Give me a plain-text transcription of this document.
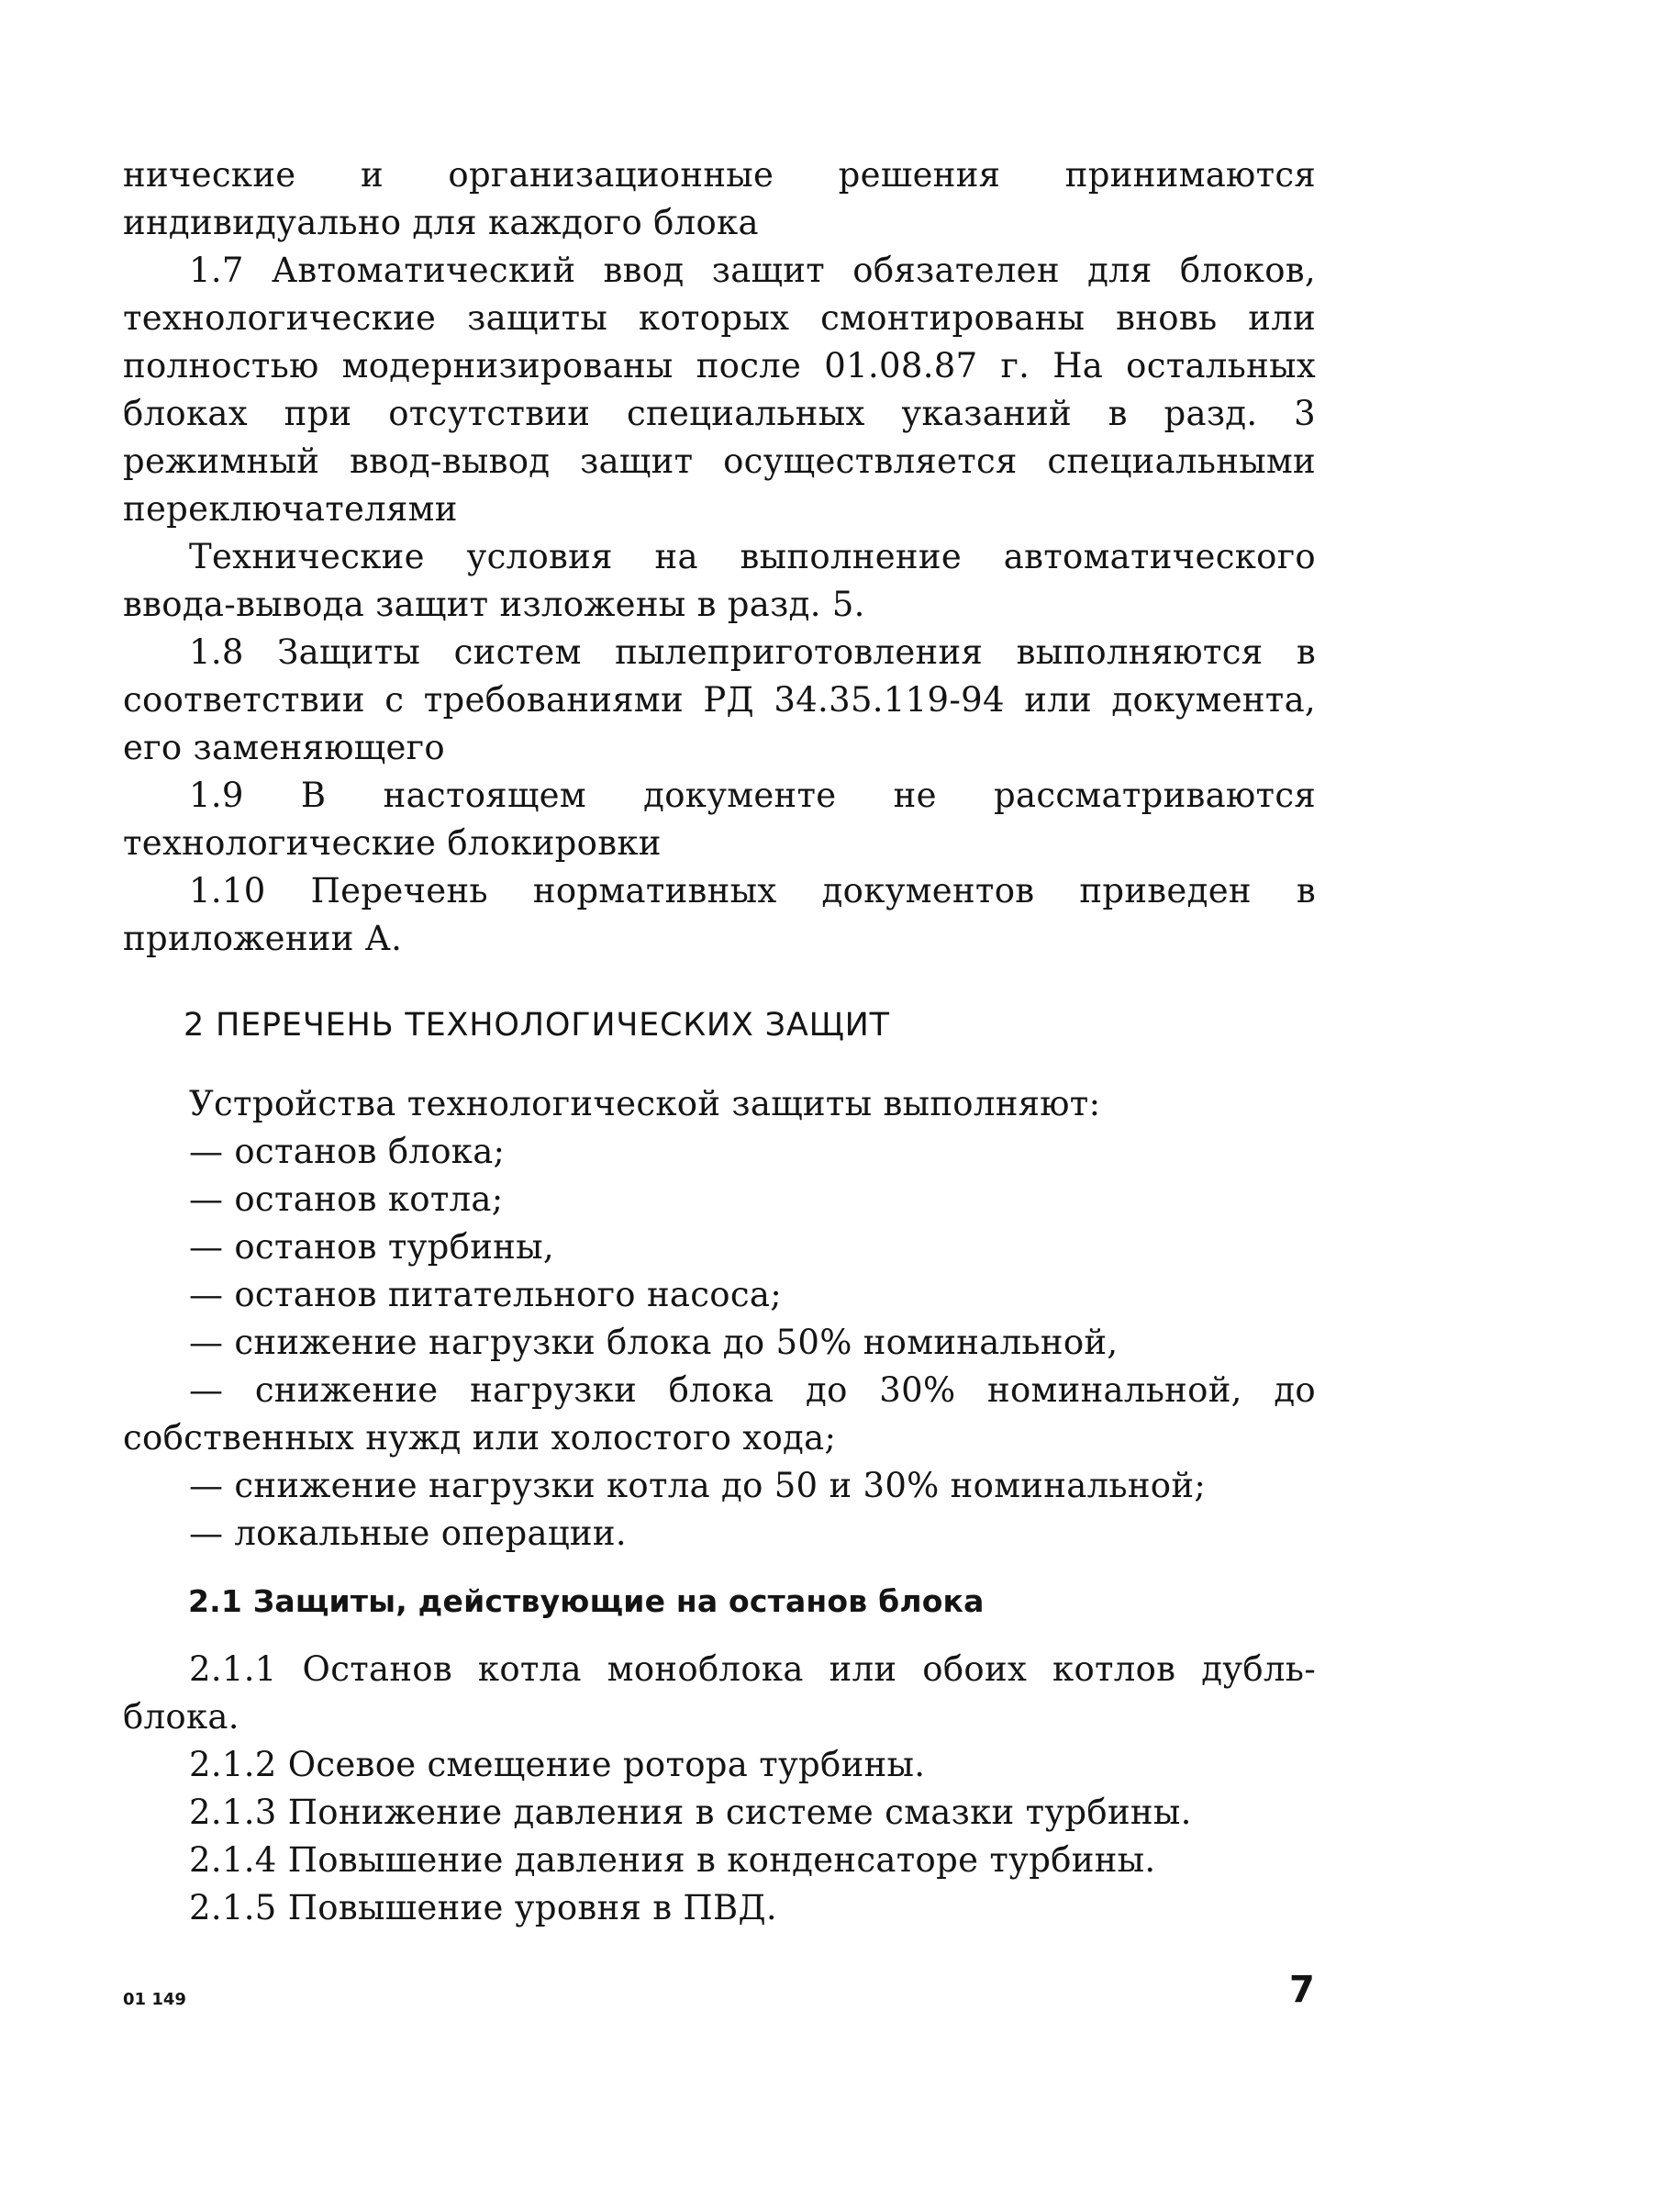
нические и организационные решения принимаются индивидуально для каждого блока

1.7 Автоматический ввод защит обязателен для блоков, технологические защиты которых смонтированы вновь или полностью модернизированы после 01.08.87 г. На остальных блоках при отсутствии специальных указаний в разд. 3 режимный ввод-вывод защит осуществляется специальными переключателями

Технические условия на выполнение автоматического ввода-вывода защит изложены в разд. 5.

1.8 Защиты систем пылеприготовления выполняются в соответствии с требованиями РД 34.35.119-94 или документа, его заменяющего

1.9 В настоящем документе не рассматриваются технологические блокировки

1.10 Перечень нормативных документов приведен в приложении А.

2 ПЕРЕЧЕНЬ ТЕХНОЛОГИЧЕСКИХ ЗАЩИТ
Устройства технологической защиты выполняют:
— останов блока;
— останов котла;
— останов турбины,
— останов питательного насоса;
— снижение нагрузки блока до 50% номинальной,
— снижение нагрузки блока до 30% номинальной, до собственных нужд или холостого хода;
— снижение нагрузки котла до 50 и 30% номинальной;
— локальные операции.
2.1 Защиты, действующие на останов блока
2.1.1 Останов котла моноблока или обоих котлов дубль-блока.
2.1.2 Осевое смещение ротора турбины.
2.1.3 Понижение давления в системе смазки турбины.
2.1.4 Повышение давления в конденсаторе турбины.
2.1.5 Повышение уровня в ПВД.

01 149	7
